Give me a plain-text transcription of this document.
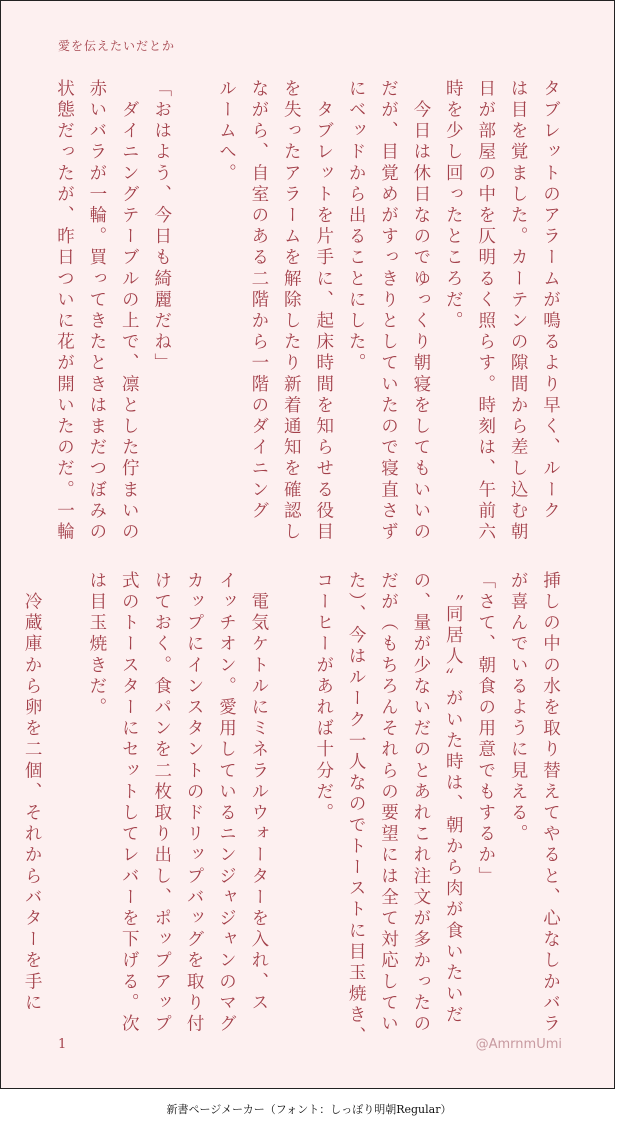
愛を伝えたいだとか
タブレットのアラームが鳴るより早く、ルーク
は目を覚ました。カーテンの隙間から差し込む朝
日が部屋の中を仄明るく照らす。時刻は、午前六
時を少し回ったところだ。
　今日は休日なのでゆっくり朝寝をしてもいいの
だが、目覚めがすっきりとしていたので寝直さず
にベッドから出ることにした。
　タブレットを片手に、起床時間を知らせる役目
を失ったアラームを解除したり新着通知を確認し
ながら、自室のある二階から一階のダイニング
ルームへ。
「おはよう、今日も綺麗だね」
　ダイニングテーブルの上で、凛とした佇まいの
赤いバラが一輪。買ってきたときはまだつぼみの
状態だったが、昨日ついに花が開いたのだ。一輪
挿しの中の水を取り替えてやると、心なしかバラ
が喜んでいるように見える。
「さて、朝食の用意でもするか」
　〝同居人〟がいた時は、朝から肉が食いたいだ
の、量が少ないだのとあれこれ注文が多かったの
だが（もちろんそれらの要望には全て対応してい
た）、今はルーク一人なのでトーストに目玉焼き、
コーヒーがあれば十分だ。
　電気ケトルにミネラルウォーターを入れ、ス
イッチオン。愛用しているニンジャジャンのマグ
カップにインスタントのドリップバッグを取り付
けておく。食パンを二枚取り出し、ポップアップ
式のトースターにセットしてレバーを下げる。次
は目玉焼きだ。
　冷蔵庫から卵を二個、それからバターを手に
1	@AmrnmUmi
新書ページメーカー（フォント：しっぽり明朝Regular）
